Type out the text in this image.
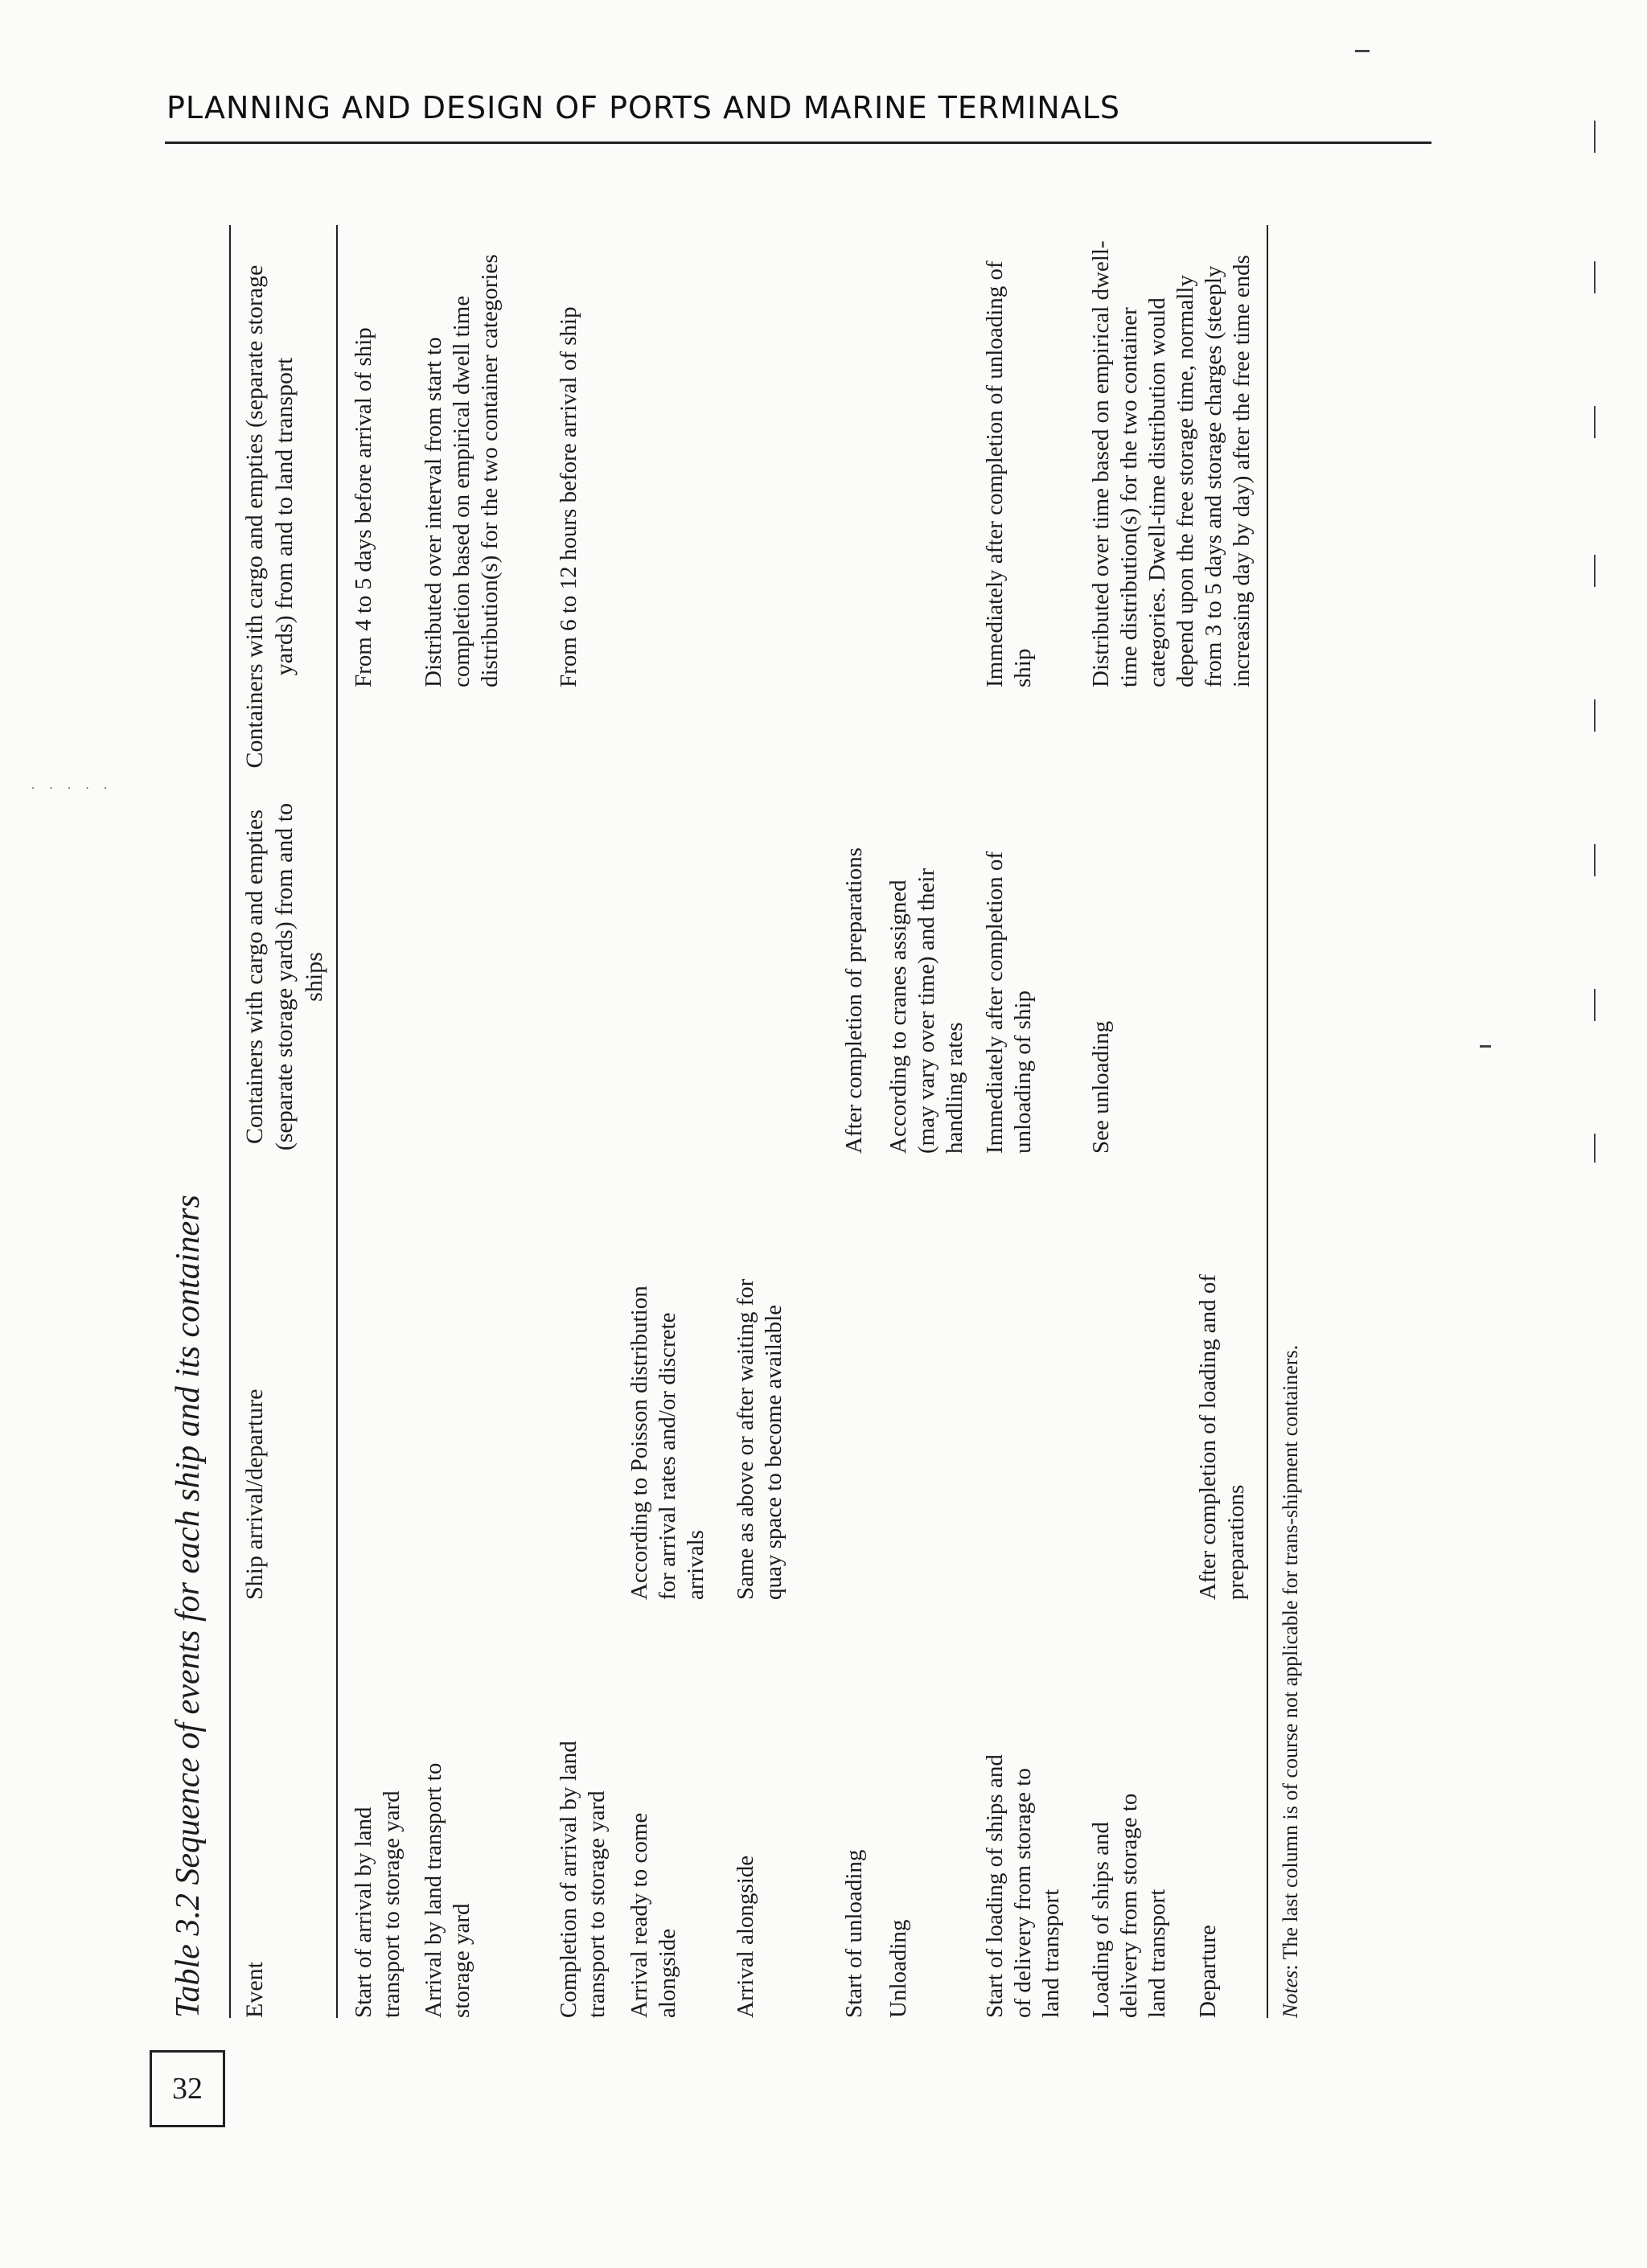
PLANNING AND DESIGN OF PORTS AND MARINE TERMINALS
32
· · · · ·
Table 3.2 Sequence of events for each ship and its containers Event
Ship arrival/departure
Containers with cargo and empties (separate storage yards) from and to ships
Containers with cargo and empties (separate storage yards) from and to land transport
Start of arrival by land transport to storage yard
From 4 to 5 days before arrival of ship
Arrival by land transport to storage yard
Distributed over interval from start to completion based on empirical dwell time distribution(s) for the two container categories
Completion of arrival by land transport to storage yard
From 6 to 12 hours before arrival of ship
Arrival ready to come alongside
According to Poisson distribution for arrival rates and/or discrete arrivals
Arrival alongside
Same as above or after waiting for quay space to become available
Start of unloading
After completion of preparations
Unloading
According to cranes assigned (may vary over time) and their handling rates
Start of loading of ships and of delivery from storage to land transport
Immediately after completion of unloading of ship
Immediately after completion of unloading of ship
Loading of ships and delivery from storage to land transport
See unloading
Distributed over time based on empirical dwell-time distribution(s) for the two container categories. Dwell-time distribution would depend upon the free storage time, normally from 3 to 5 days and storage charges (steeply increasing day by day) after the free time ends
Departure
After completion of loading and of preparations
Notes: The last column is of course not applicable for trans-shipment containers.
